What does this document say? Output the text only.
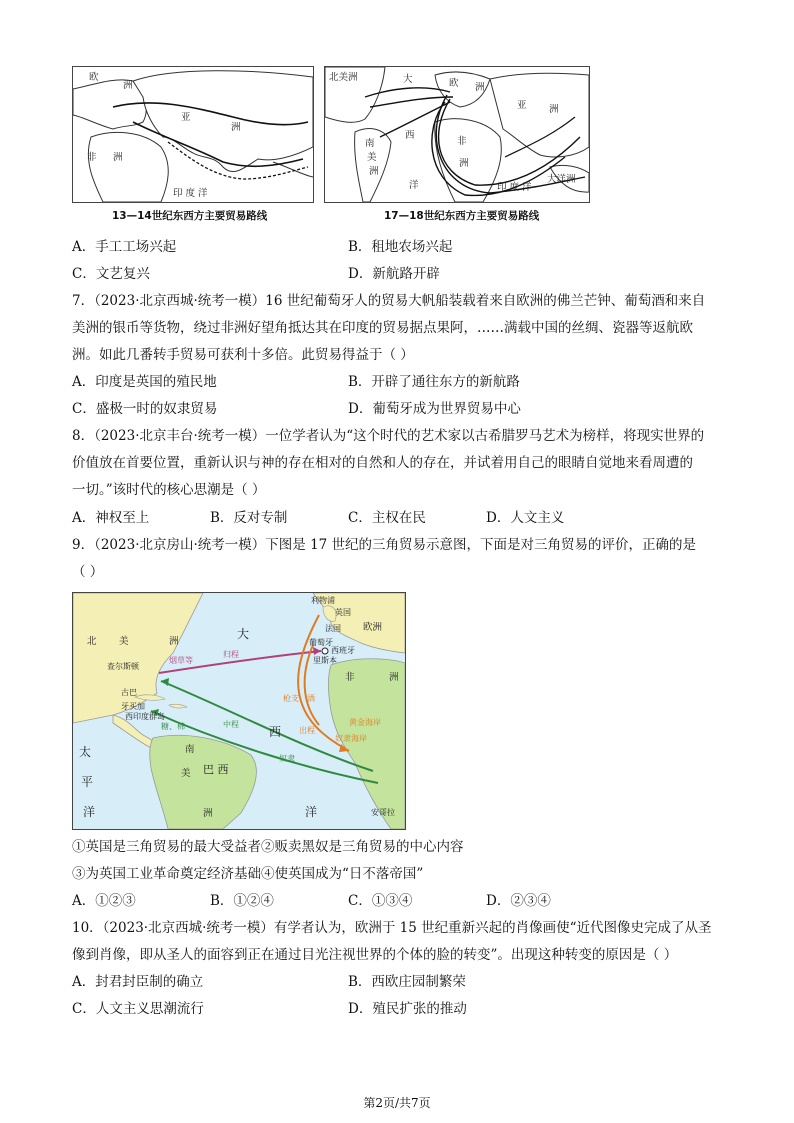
欧
洲
亚
洲
非 洲
印 度 洋
13—14世纪东西方主要贸易路线
北美洲	大	欧 洲
亚 洲
西
南
美
非
洲
洲
洋	印 度 洋
大洋洲
17—18世纪东西方主要贸易路线
A．手工工场兴起	B．租地农场兴起
C．文艺复兴	D．新航路开辟
7．（2023·北京西城·统考一模）16 世纪葡萄牙人的贸易大帆船装载着来自欧洲的佛兰芒钟、葡萄酒和来自
美洲的银币等货物，绕过非洲好望角抵达其在印度的贸易据点果阿，……满载中国的丝绸、瓷器等返航欧
洲。如此几番转手贸易可获利十多倍。此贸易得益于（ ）
A．印度是英国的殖民地	B．开辟了通往东方的新航路
C．盛极一时的奴隶贸易	D．葡萄牙成为世界贸易中心
8．（2023·北京丰台·统考一模）一位学者认为“这个时代的艺术家以古希腊罗马艺术为榜样，将现实世界的
价值放在首要位置，重新认识与神的存在相对的自然和人的存在，并试着用自己的眼睛自觉地来看周遭的
一切。”该时代的核心思潮是（ ）
A．神权至上	B．反对专制	C．主权在民	D．人文主义
9．（2023·北京房山·统考一模）下图是 17 世纪的三角贸易示意图，下面是对三角贸易的评价，正确的是
（ ）
北 美	洲
大
西
洋
太
平
洋
欧洲
非	洲
南
美 巴 西
洲
利物浦
英国
法国
葡萄牙
西班牙
里斯本
查尔斯顿
古巴
牙买加
西印度群岛
安哥拉
烟草等
归程
中程
糖、棉	出程
枪支、酒
奴隶
黄金海岸
奴隶海岸
①英国是三角贸易的最大受益者②贩卖黑奴是三角贸易的中心内容
③为英国工业革命奠定经济基础④使英国成为“日不落帝国”
A．①②③	B．①②④	C．①③④	D．②③④
10．（2023·北京西城·统考一模）有学者认为，欧洲于 15 世纪重新兴起的肖像画使“近代图像史完成了从圣
像到肖像，即从圣人的面容到正在通过目光注视世界的个体的脸的转变”。出现这种转变的原因是（ ）
A．封君封臣制的确立	B．西欧庄园制繁荣
C．人文主义思潮流行	D．殖民扩张的推动
第2页/共7页
